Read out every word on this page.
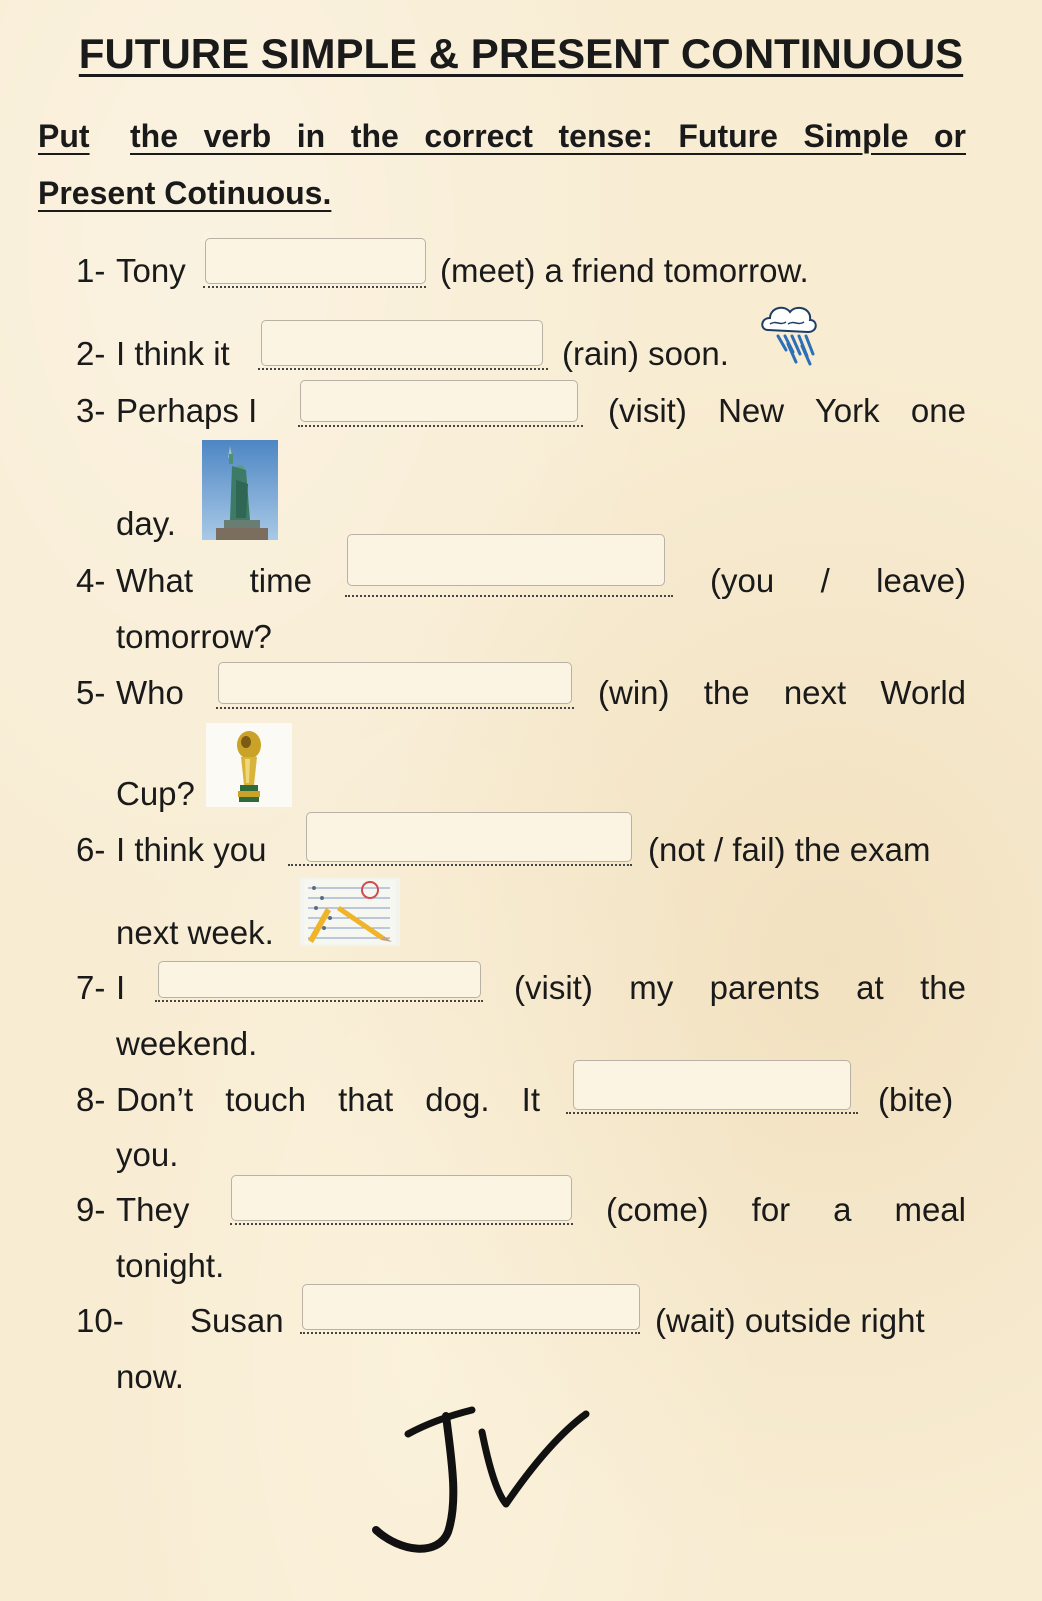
FUTURE SIMPLE & PRESENT CONTINUOUS
Put the verb in the correct tense: Future Simple or
Present Cotinuous.
1- Tony	(meet) a friend tomorrow.
2- I think it	(rain) soon.
3- Perhaps I	(visit) New York one
day.
4- What time	(you / leave)
tomorrow?
5- Who	(win) the next World
Cup?
6- I think you	(not / fail) the exam
next week.
7- I	(visit) my parents at the
weekend.
8- Don’t touch that dog. It	(bite)
you.
9- They	(come) for a meal
tonight.
10- Susan	(wait) outside right
now.
